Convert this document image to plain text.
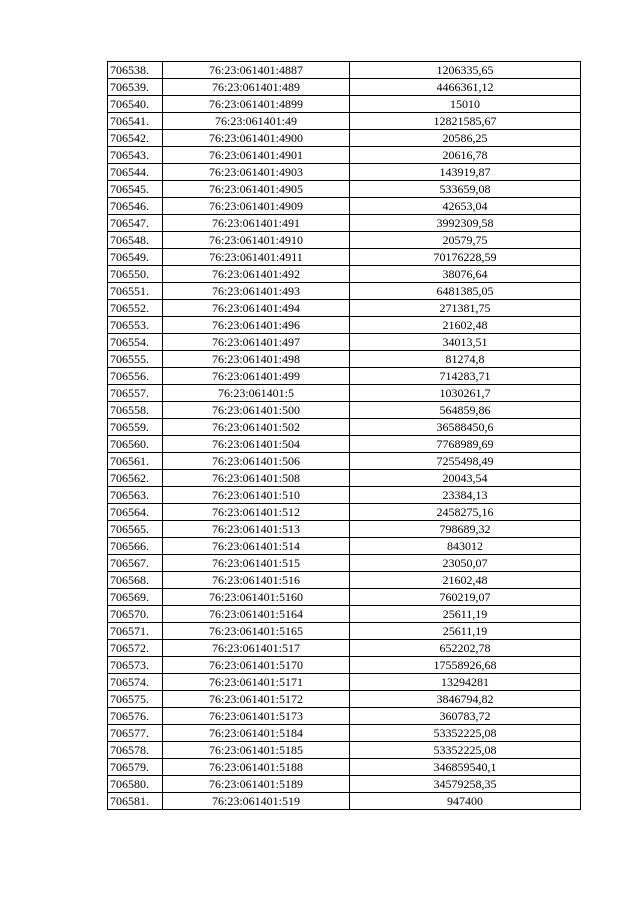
706538.	76:23:061401:4887	1206335,65
706539.	76:23:061401:489	4466361,12
706540.	76:23:061401:4899	15010
706541.	76:23:061401:49	12821585,67
706542.	76:23:061401:4900	20586,25
706543.	76:23:061401:4901	20616,78
706544.	76:23:061401:4903	143919,87
706545.	76:23:061401:4905	533659,08
706546.	76:23:061401:4909	42653,04
706547.	76:23:061401:491	3992309,58
706548.	76:23:061401:4910	20579,75
706549.	76:23:061401:4911	70176228,59
706550.	76:23:061401:492	38076,64
706551.	76:23:061401:493	6481385,05
706552.	76:23:061401:494	271381,75
706553.	76:23:061401:496	21602,48
706554.	76:23:061401:497	34013,51
706555.	76:23:061401:498	81274,8
706556.	76:23:061401:499	714283,71
706557.	76:23:061401:5	1030261,7
706558.	76:23:061401:500	564859,86
706559.	76:23:061401:502	36588450,6
706560.	76:23:061401:504	7768989,69
706561.	76:23:061401:506	7255498,49
706562.	76:23:061401:508	20043,54
706563.	76:23:061401:510	23384,13
706564.	76:23:061401:512	2458275,16
706565.	76:23:061401:513	798689,32
706566.	76:23:061401:514	843012
706567.	76:23:061401:515	23050,07
706568.	76:23:061401:516	21602,48
706569.	76:23:061401:5160	760219,07
706570.	76:23:061401:5164	25611,19
706571.	76:23:061401:5165	25611,19
706572.	76:23:061401:517	652202,78
706573.	76:23:061401:5170	17558926,68
706574.	76:23:061401:5171	13294281
706575.	76:23:061401:5172	3846794,82
706576.	76:23:061401:5173	360783,72
706577.	76:23:061401:5184	53352225,08
706578.	76:23:061401:5185	53352225,08
706579.	76:23:061401:5188	346859540,1
706580.	76:23:061401:5189	34579258,35
706581.	76:23:061401:519	947400
